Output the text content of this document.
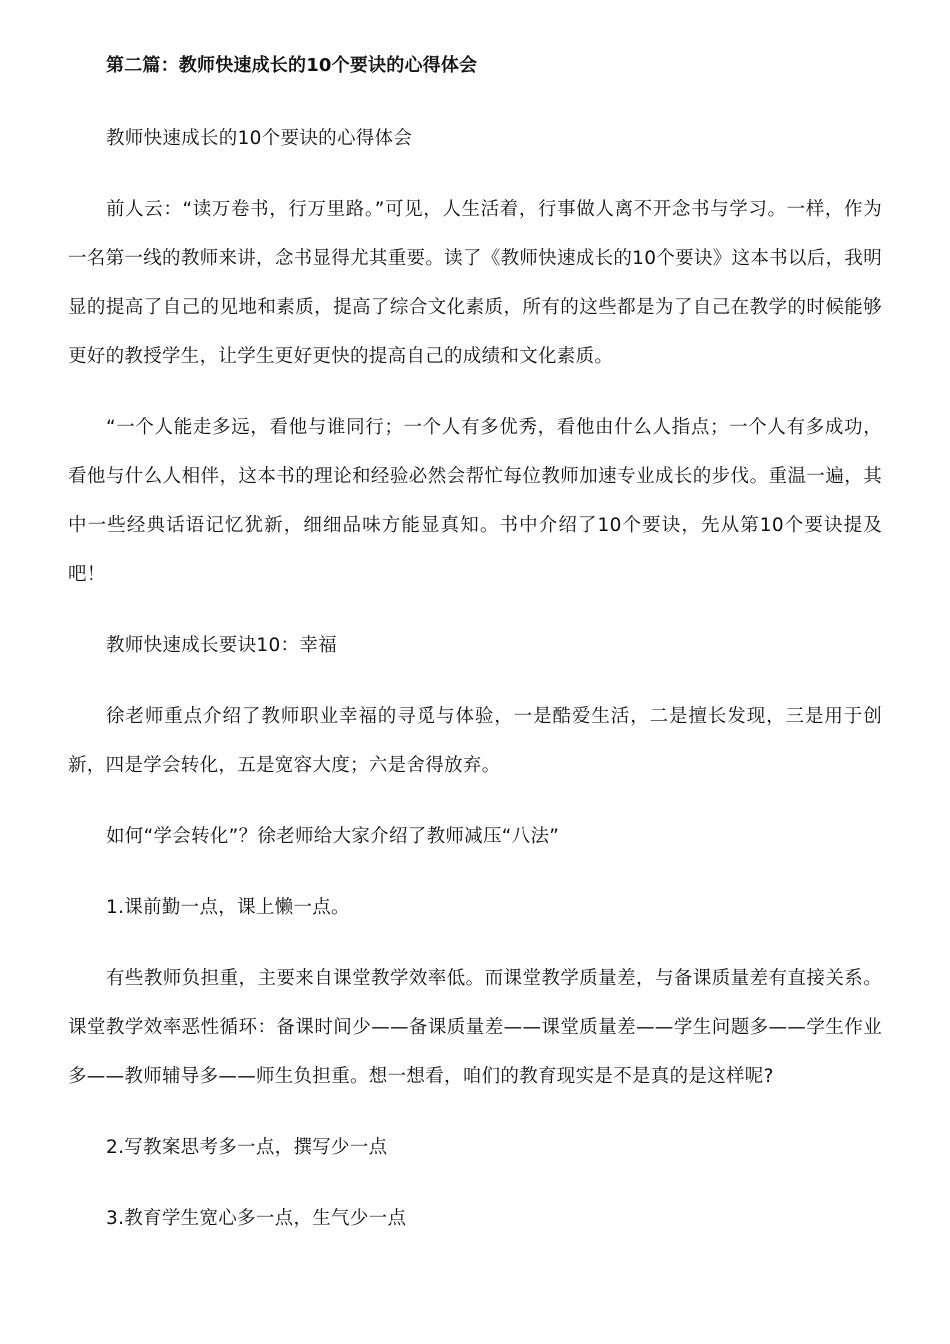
第二篇：教师快速成长的10个要诀的心得体会

教师快速成长的10个要诀的心得体会

前人云：“读万卷书，行万里路。”可见，人生活着，行事做人离不开念书与学习。一样，作为一名第一线的教师来讲，念书显得尤其重要。读了《教师快速成长的10个要诀》这本书以后，我明显的提高了自己的见地和素质，提高了综合文化素质，所有的这些都是为了自己在教学的时候能够更好的教授学生，让学生更好更快的提高自己的成绩和文化素质。

“一个人能走多远，看他与谁同行；一个人有多优秀，看他由什么人指点；一个人有多成功，看他与什么人相伴，这本书的理论和经验必然会帮忙每位教师加速专业成长的步伐。重温一遍，其中一些经典话语记忆犹新，细细品味方能显真知。书中介绍了10个要诀，先从第10个要诀提及吧！

教师快速成长要诀10：幸福

徐老师重点介绍了教师职业幸福的寻觅与体验，一是酷爱生活，二是擅长发现，三是用于创新，四是学会转化，五是宽容大度；六是舍得放弃。

如何“学会转化”？徐老师给大家介绍了教师减压“八法”

1.课前勤一点，课上懒一点。

有些教师负担重，主要来自课堂教学效率低。而课堂教学质量差，与备课质量差有直接关系。课堂教学效率恶性循环：备课时间少——备课质量差——课堂质量差——学生问题多——学生作业多——教师辅导多——师生负担重。想一想看，咱们的教育现实是不是真的是这样呢?

2.写教案思考多一点，撰写少一点

3.教育学生宽心多一点，生气少一点
